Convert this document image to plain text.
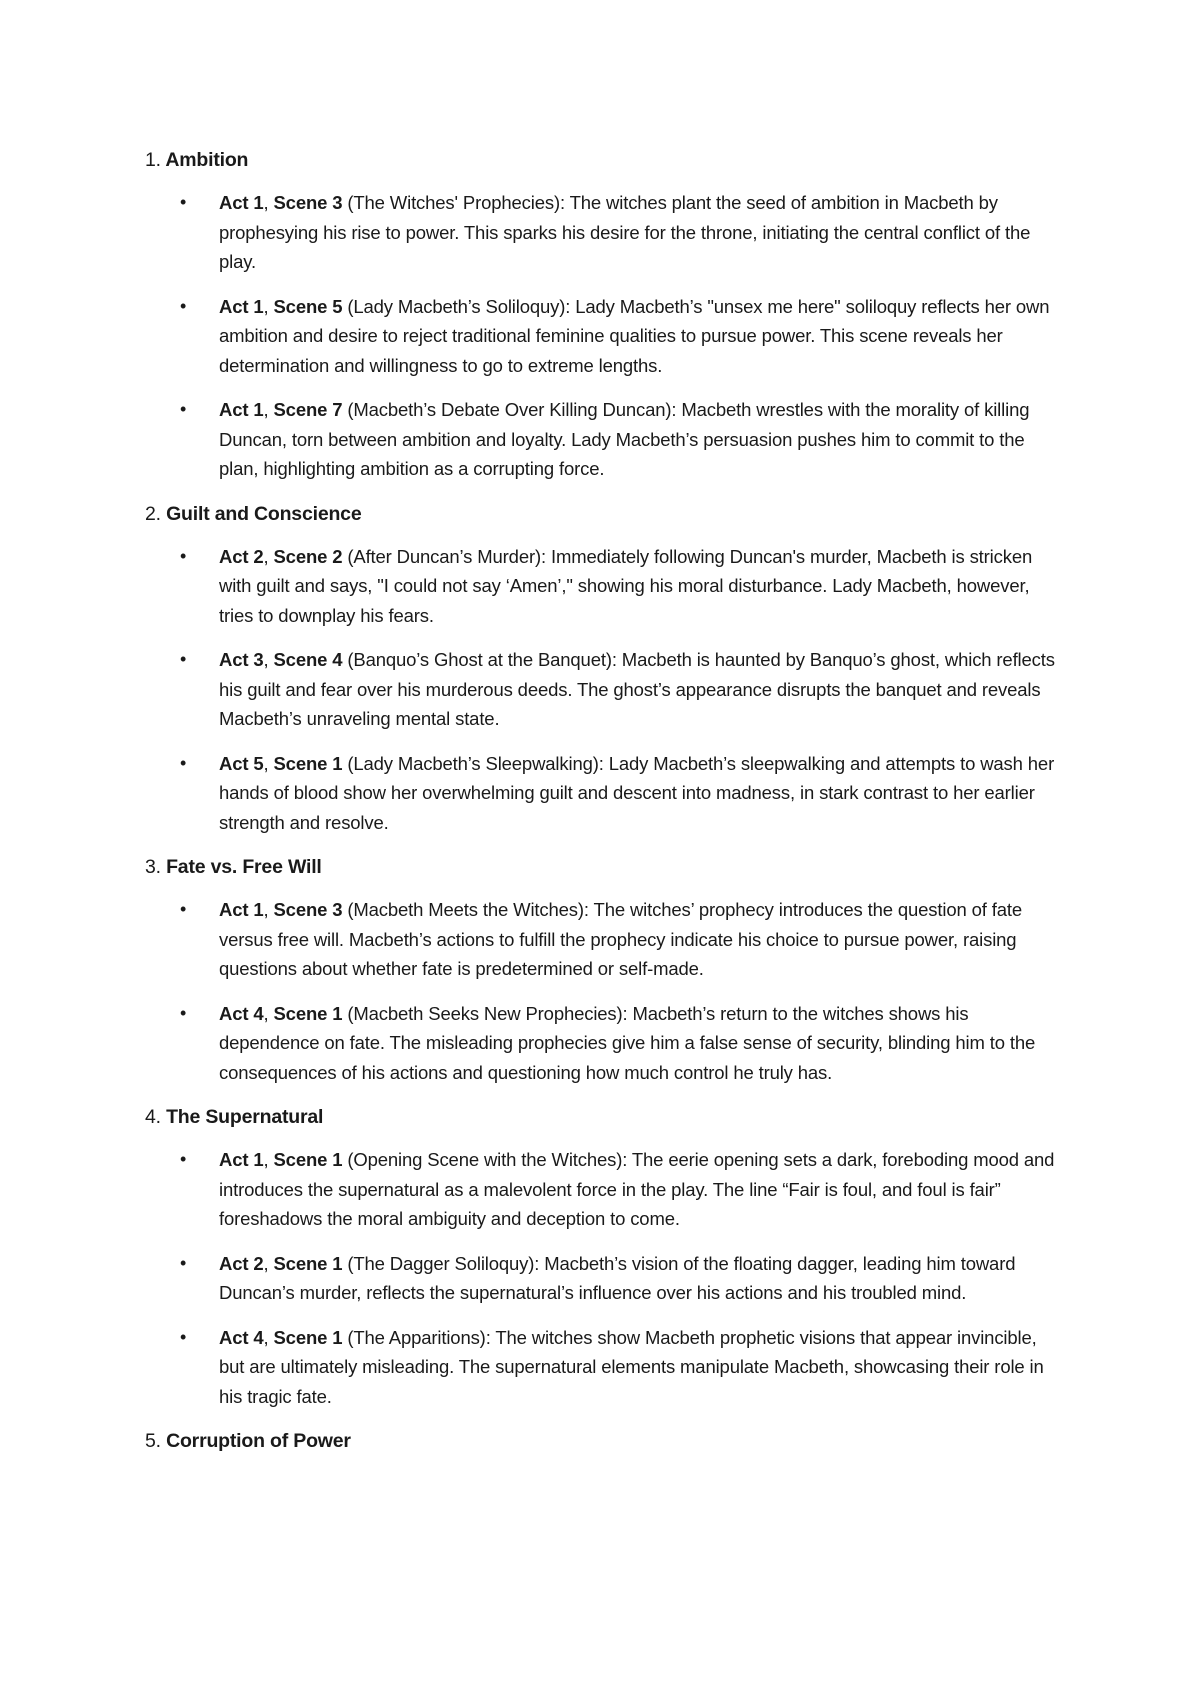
1. Ambition
• Act 1, Scene 3 (The Witches' Prophecies): The witches plant the seed of ambition in Macbeth by prophesying his rise to power. This sparks his desire for the throne, initiating the central conflict of the play.
• Act 1, Scene 5 (Lady Macbeth’s Soliloquy): Lady Macbeth’s "unsex me here" soliloquy reflects her own ambition and desire to reject traditional feminine qualities to pursue power. This scene reveals her determination and willingness to go to extreme lengths.
• Act 1, Scene 7 (Macbeth’s Debate Over Killing Duncan): Macbeth wrestles with the morality of killing Duncan, torn between ambition and loyalty. Lady Macbeth’s persuasion pushes him to commit to the plan, highlighting ambition as a corrupting force.
2. Guilt and Conscience
• Act 2, Scene 2 (After Duncan’s Murder): Immediately following Duncan's murder, Macbeth is stricken with guilt and says, "I could not say ‘Amen’," showing his moral disturbance. Lady Macbeth, however, tries to downplay his fears.
• Act 3, Scene 4 (Banquo’s Ghost at the Banquet): Macbeth is haunted by Banquo’s ghost, which reflects his guilt and fear over his murderous deeds. The ghost’s appearance disrupts the banquet and reveals Macbeth’s unraveling mental state.
• Act 5, Scene 1 (Lady Macbeth’s Sleepwalking): Lady Macbeth’s sleepwalking and attempts to wash her hands of blood show her overwhelming guilt and descent into madness, in stark contrast to her earlier strength and resolve.
3. Fate vs. Free Will
• Act 1, Scene 3 (Macbeth Meets the Witches): The witches’ prophecy introduces the question of fate versus free will. Macbeth’s actions to fulfill the prophecy indicate his choice to pursue power, raising questions about whether fate is predetermined or self-made.
• Act 4, Scene 1 (Macbeth Seeks New Prophecies): Macbeth’s return to the witches shows his dependence on fate. The misleading prophecies give him a false sense of security, blinding him to the consequences of his actions and questioning how much control he truly has.
4. The Supernatural
• Act 1, Scene 1 (Opening Scene with the Witches): The eerie opening sets a dark, foreboding mood and introduces the supernatural as a malevolent force in the play. The line “Fair is foul, and foul is fair” foreshadows the moral ambiguity and deception to come.
• Act 2, Scene 1 (The Dagger Soliloquy): Macbeth’s vision of the floating dagger, leading him toward Duncan’s murder, reflects the supernatural’s influence over his actions and his troubled mind.
• Act 4, Scene 1 (The Apparitions): The witches show Macbeth prophetic visions that appear invincible, but are ultimately misleading. The supernatural elements manipulate Macbeth, showcasing their role in his tragic fate.
5. Corruption of Power
